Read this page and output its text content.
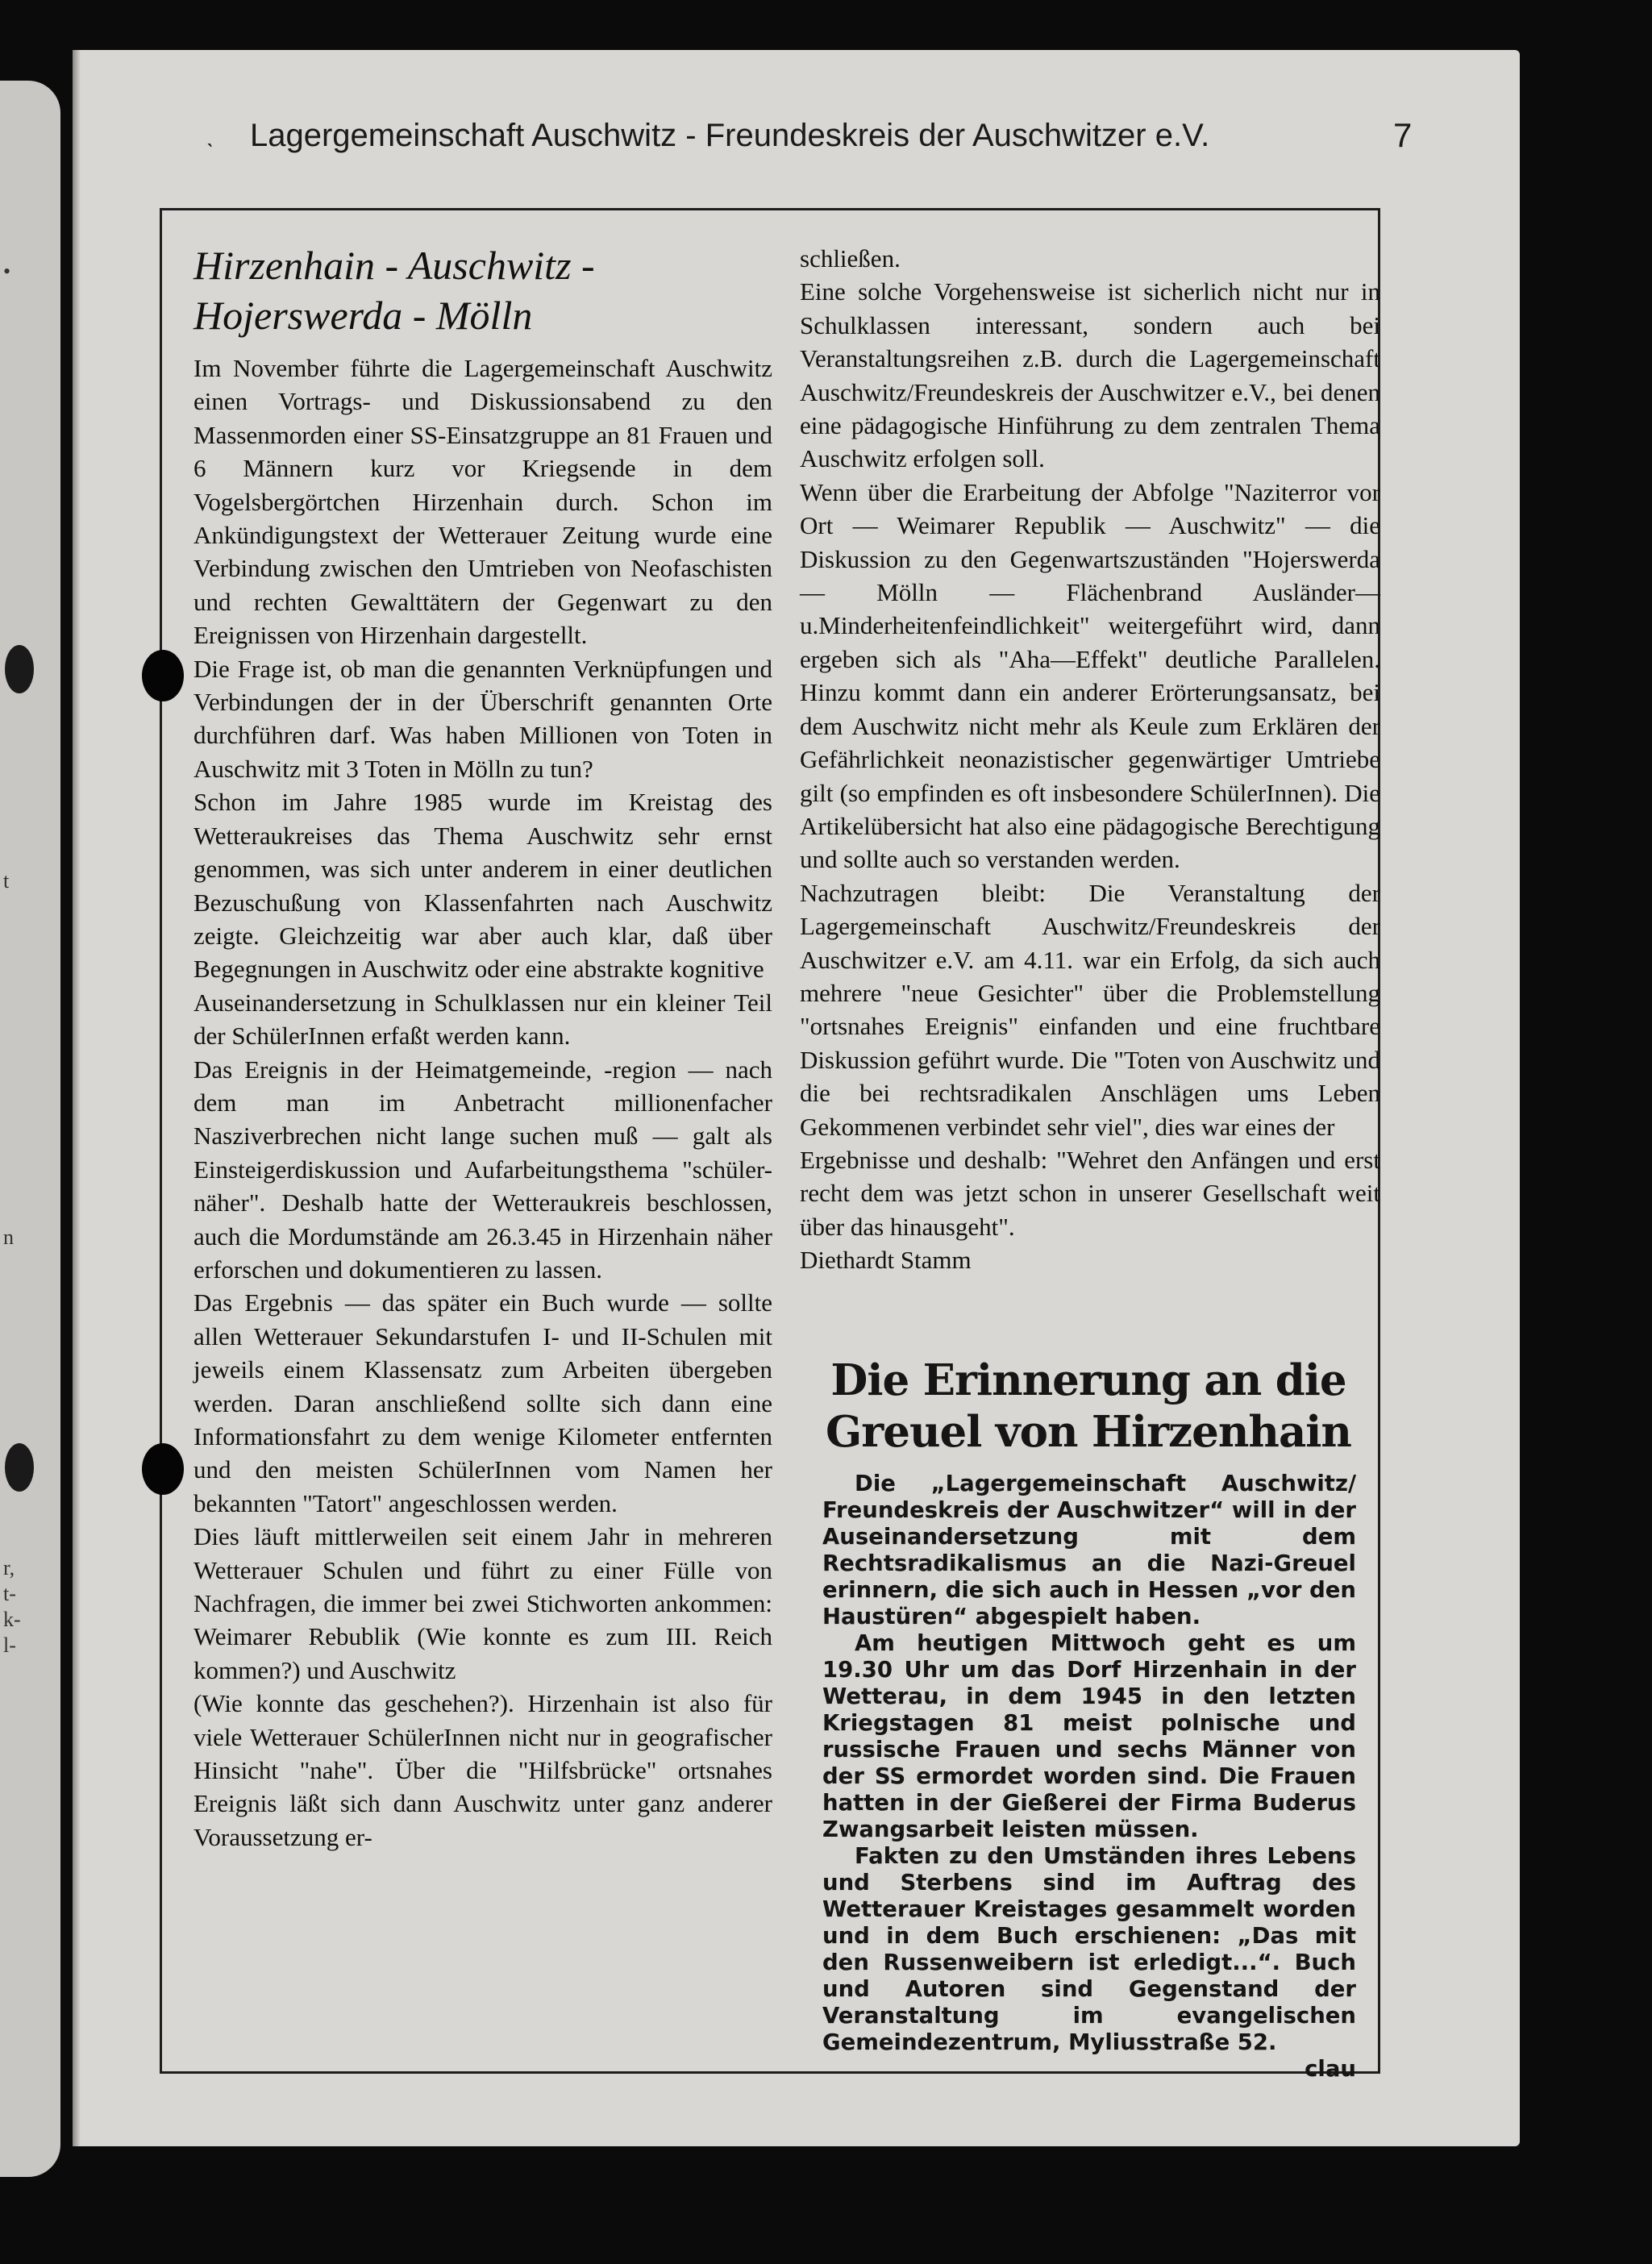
•
t
n
r,
t-
k-
l-
ˎ Lagergemeinschaft Auschwitz - Freundeskreis der Auschwitzer e.V.	7
Hirzenhain - Auschwitz -
Hojerswerda - Mölln

Im November führte die Lagergemeinschaft Auschwitz einen Vortrags- und Diskussionsabend zu den Massenmorden einer SS-Einsatzgruppe an 81 Frauen und 6 Männern kurz vor Kriegsende in dem Vogelsbergörtchen Hirzenhain durch. Schon im Ankündigungstext der Wetterauer Zeitung wurde eine Verbindung zwischen den Umtrieben von Neofaschisten und rechten Gewalttätern der Gegenwart zu den Ereignissen von Hirzenhain dargestellt.

Die Frage ist, ob man die genannten Verknüpfungen und Verbindungen der in der Überschrift genannten Orte durchführen darf. Was haben Millionen von Toten in Auschwitz mit 3 Toten in Mölln zu tun?

Schon im Jahre 1985 wurde im Kreistag des Wetteraukreises das Thema Auschwitz sehr ernst genommen, was sich unter anderem in einer deutlichen Bezuschußung von Klassenfahrten nach Auschwitz zeigte. Gleichzeitig war aber auch klar, daß über Begegnungen in Auschwitz oder eine abstrakte kognitive

Auseinandersetzung in Schulklassen nur ein kleiner Teil der SchülerInnen erfaßt werden kann.

Das Ereignis in der Heimatgemeinde, -region — nach dem man im Anbetracht millionenfacher Nasziverbrechen nicht lange suchen muß — galt als Einsteigerdiskussion und Aufarbeitungsthema "schüler-näher". Deshalb hatte der Wetteraukreis beschlossen, auch die Mordumstände am 26.3.45 in Hirzenhain näher erforschen und dokumentieren zu lassen.

Das Ergebnis — das später ein Buch wurde — sollte allen Wetterauer Sekundarstufen I- und II-Schulen mit jeweils einem Klassensatz zum Arbeiten übergeben werden. Daran anschließend sollte sich dann eine Informationsfahrt zu dem wenige Kilometer entfernten und den meisten SchülerInnen vom Namen her bekannten "Tatort" angeschlossen werden.

Dies läuft mittlerweilen seit einem Jahr in mehreren Wetterauer Schulen und führt zu einer Fülle von Nachfragen, die immer bei zwei Stichworten ankommen: Weimarer Rebublik (Wie konnte es zum III. Reich kommen?) und Auschwitz

(Wie konnte das geschehen?). Hirzenhain ist also für viele Wetterauer SchülerInnen nicht nur in geografischer Hinsicht "nahe". Über die "Hilfsbrücke" ortsnahes Ereignis läßt sich dann Auschwitz unter ganz anderer Voraussetzung er-

schließen.

Eine solche Vorgehensweise ist sicherlich nicht nur in Schulklassen interessant, sondern auch bei Veranstaltungsreihen z.B. durch die Lagergemeinschaft Auschwitz/Freundeskreis der Auschwitzer e.V., bei denen eine pädagogische Hinführung zu dem zentralen Thema Auschwitz erfolgen soll.

Wenn über die Erarbeitung der Abfolge "Naziterror vor Ort — Weimarer Republik — Auschwitz" — die Diskussion zu den Gegenwartszuständen "Hojerswerda — Mölln — Flächenbrand Ausländer— u.Minderheitenfeindlichkeit" weitergeführt wird, dann ergeben sich als "Aha—Effekt" deutliche Parallelen. Hinzu kommt dann ein anderer Erörterungsansatz, bei dem Auschwitz nicht mehr als Keule zum Erklären der Gefährlichkeit neonazistischer gegenwärtiger Umtriebe gilt (so empfinden es oft insbesondere SchülerInnen). Die Artikelübersicht hat also eine pädagogische Berechtigung und sollte auch so verstanden werden.

Nachzutragen bleibt: Die Veranstaltung der Lagergemeinschaft Auschwitz/Freundeskreis der Auschwitzer e.V. am 4.11. war ein Erfolg, da sich auch mehrere "neue Gesichter" über die Problemstellung "ortsnahes Ereignis" einfanden und eine fruchtbare Diskussion geführt wurde. Die "Toten von Auschwitz und die bei rechtsradikalen Anschlägen ums Leben Gekommenen verbindet sehr viel", dies war eines der

Ergebnisse und deshalb: "Wehret den Anfängen und erst recht dem was jetzt schon in unserer Gesellschaft weit über das hinausgeht".

Diethardt Stamm

Die Erinnerung an die
Greuel von Hirzenhain

Die „Lagergemeinschaft Auschwitz/ Freundeskreis der Auschwitzer“ will in der Auseinandersetzung mit dem Rechtsradikalismus an die Nazi-Greuel erinnern, die sich auch in Hessen „vor den Haustüren“ abgespielt haben.

Am heutigen Mittwoch geht es um 19.30 Uhr um das Dorf Hirzenhain in der Wetterau, in dem 1945 in den letzten Kriegstagen 81 meist polnische und russische Frauen und sechs Männer von der SS ermordet worden sind. Die Frauen hatten in der Gießerei der Firma Buderus Zwangsarbeit leisten müssen.

Fakten zu den Umständen ihres Lebens und Sterbens sind im Auftrag des Wetterauer Kreistages gesammelt worden und in dem Buch erschienen: „Das mit den Russenweibern ist erledigt...“. Buch und Autoren sind Gegenstand der Veranstaltung im evangelischen Gemeindezentrum, Myliusstraße 52.
clau
